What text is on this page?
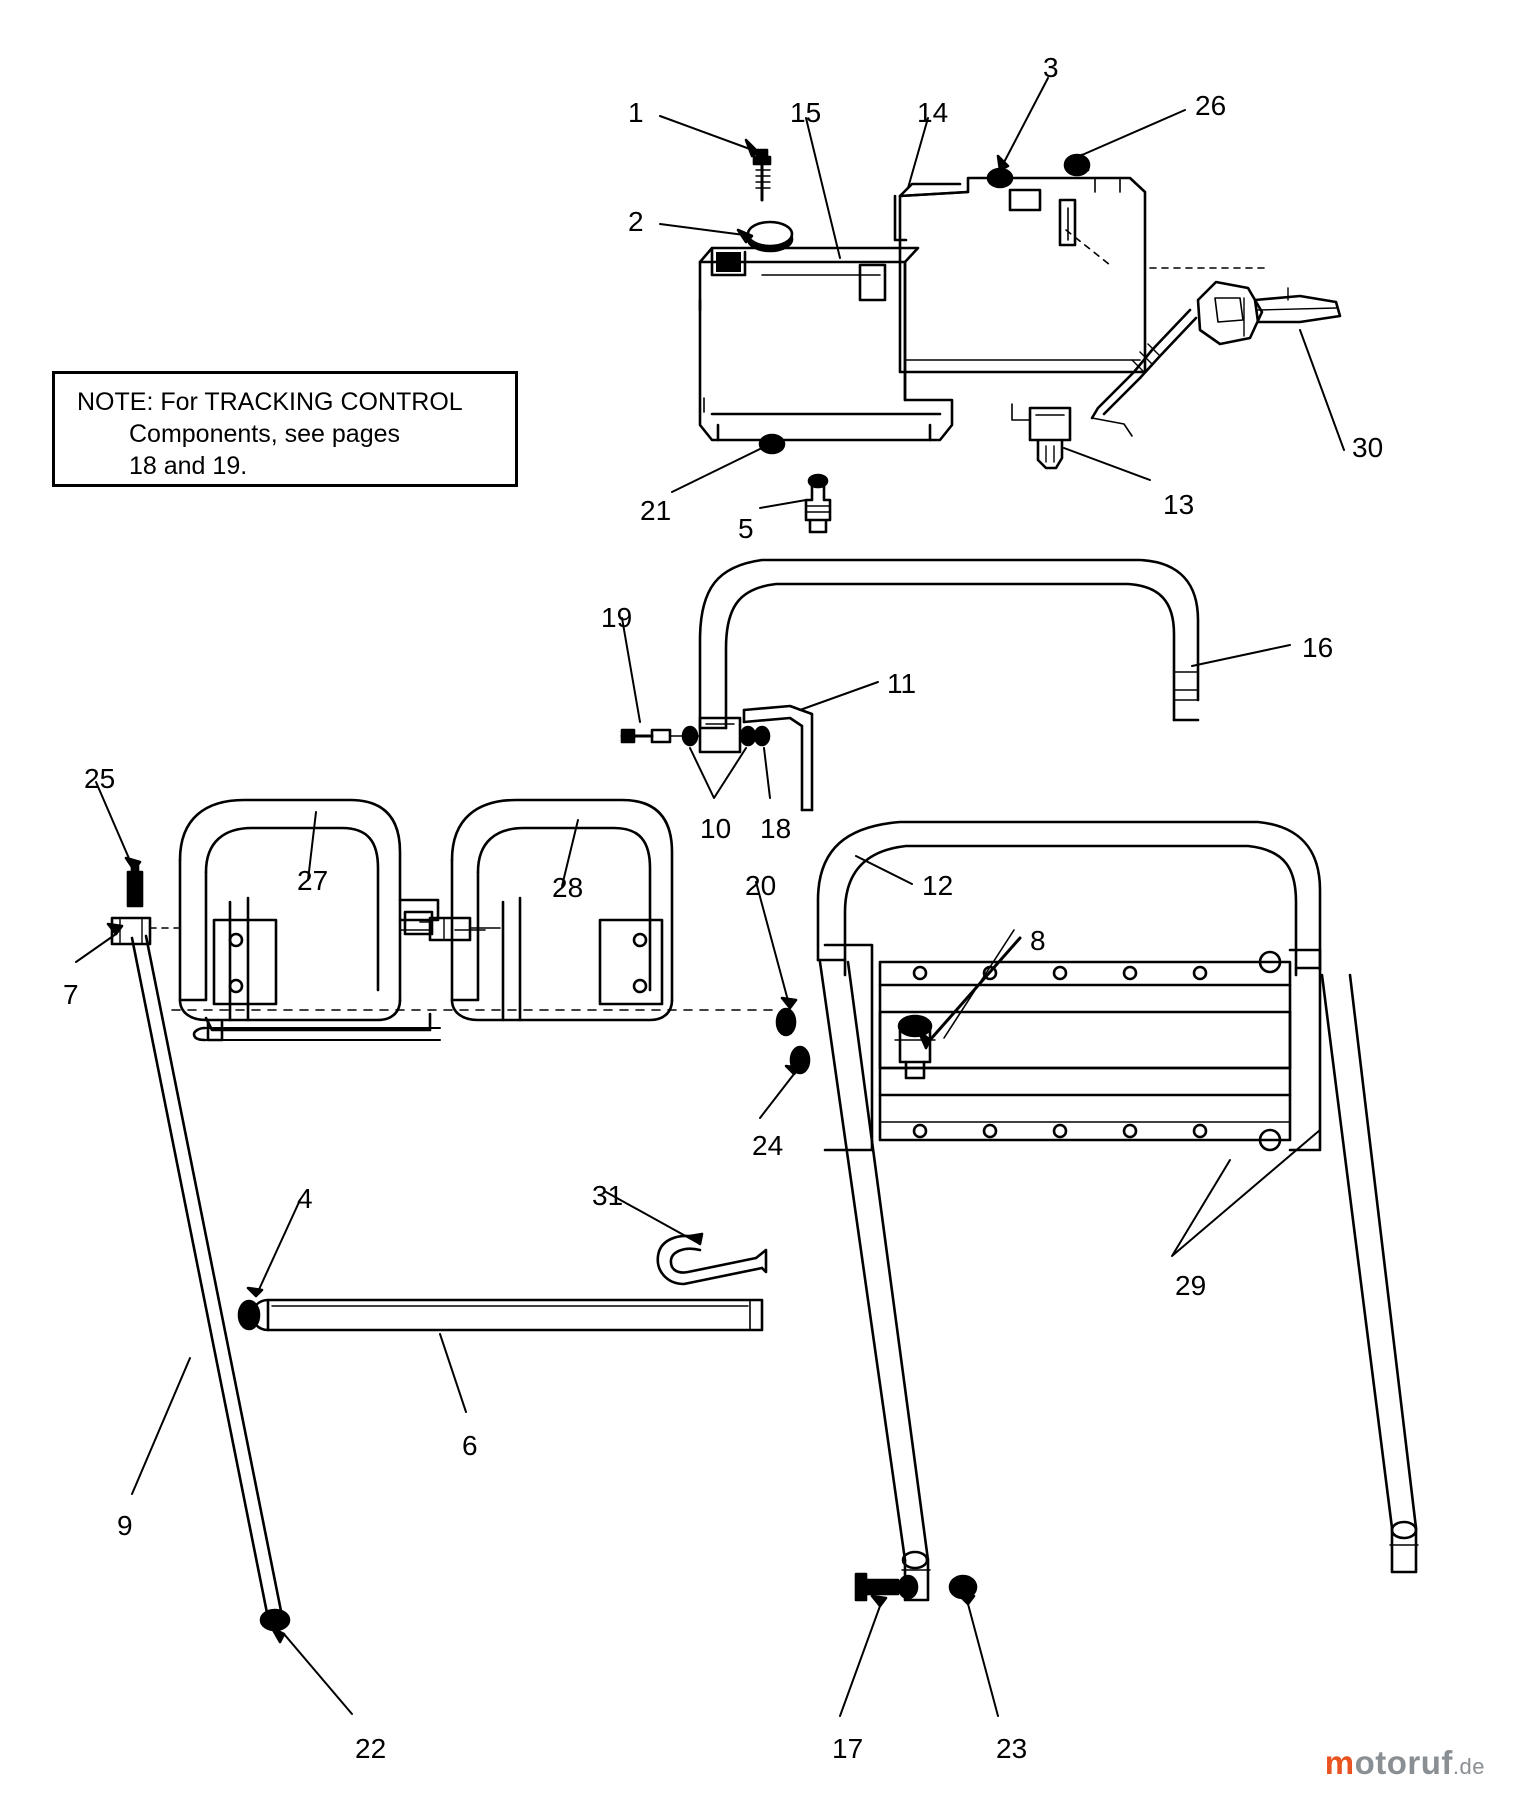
NOTE: For TRACKING CONTROL
Components, see pages
18 and 19.
1
2
3
4
5
6
7
8
9
10
11
12
13
14
15
16
17
18
19
20
21
22	23
24
25
26
27	28
29
30
31
motoruf.de
